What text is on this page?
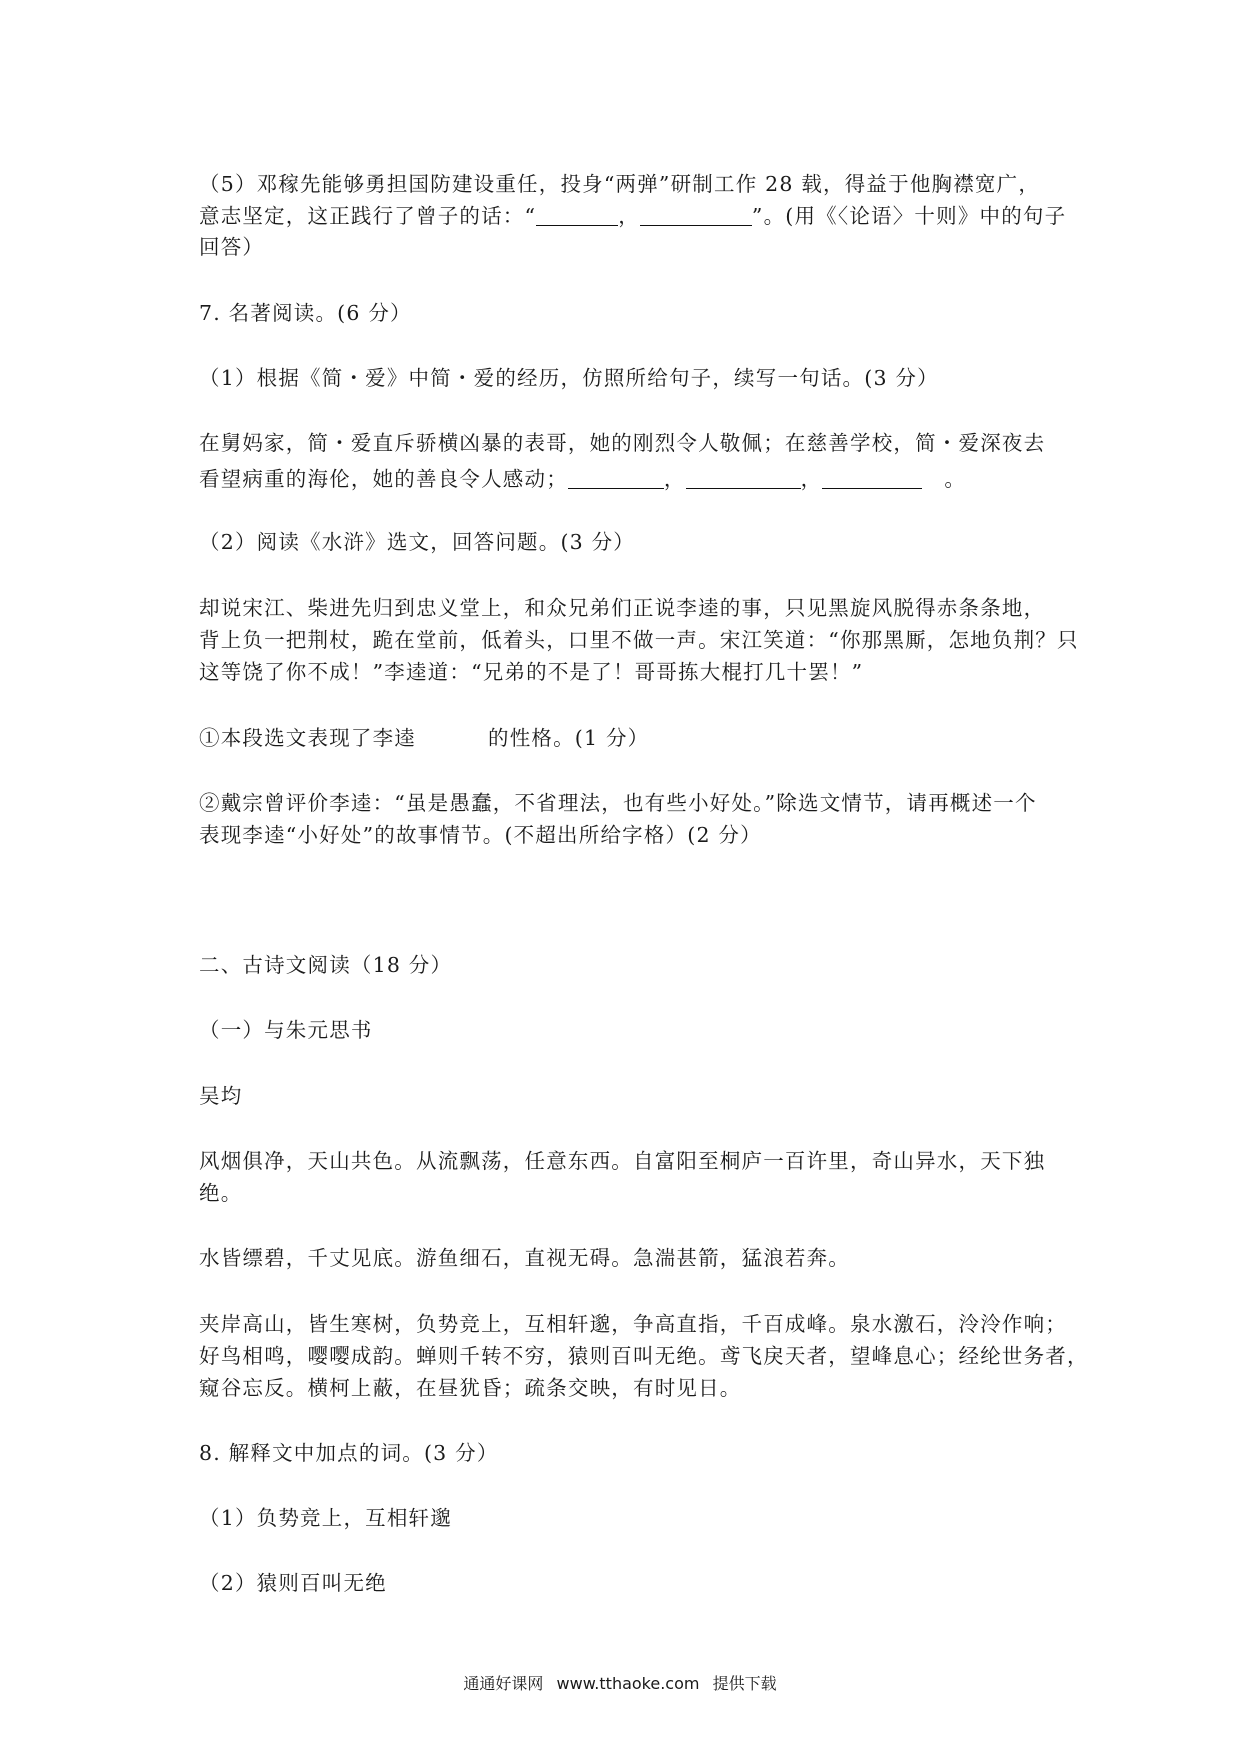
（5）邓稼先能够勇担国防建设重任，投身“两弹”研制工作 28 载，得益于他胸襟宽广，
意志坚定，这正践行了曾子的话：“	，	”。(用《〈论语〉十则》中的句子
回答）
7. 名著阅读。(6 分）
（1）根据《简・爱》中简・爱的经历，仿照所给句子，续写一句话。(3 分）
在舅妈家，简・爱直斥骄横凶暴的表哥，她的刚烈令人敬佩；在慈善学校，简・爱深夜去
看望病重的海伦，她的善良令人感动；	，	，	。
（2）阅读《水浒》选文，回答问题。(3 分）
却说宋江、柴进先归到忠义堂上，和众兄弟们正说李逵的事，只见黑旋风脱得赤条条地，
背上负一把荆杖，跪在堂前，低着头，口里不做一声。宋江笑道：“你那黑厮，怎地负荆？只
这等饶了你不成！”李逵道：“兄弟的不是了！哥哥拣大棍打几十罢！”
①本段选文表现了李逵	的性格。(1 分）
②戴宗曾评价李逵：“虽是愚蠢，不省理法，也有些小好处。”除选文情节，请再概述一个
表现李逵“小好处”的故事情节。(不超出所给字格）(2 分）
二、古诗文阅读（18 分）
（一）与朱元思书
吴均
风烟俱净，天山共色。从流飘荡，任意东西。自富阳至桐庐一百许里，奇山异水，天下独
绝。
水皆缥碧，千丈见底。游鱼细石，直视无碍。急湍甚箭，猛浪若奔。
夹岸高山，皆生寒树，负势竞上，互相轩邈，争高直指，千百成峰。泉水激石，泠泠作响；
好鸟相鸣，嘤嘤成韵。蝉则千转不穷，猿则百叫无绝。鸢飞戾天者，望峰息心；经纶世务者，
窥谷忘反。横柯上蔽，在昼犹昏；疏条交映，有时见日。
8. 解释文中加点的词。(3 分）
（1）负势竞上，互相轩邈
（2）猿则百叫无绝
通通好课网 www.tthaoke.com 提供下载
